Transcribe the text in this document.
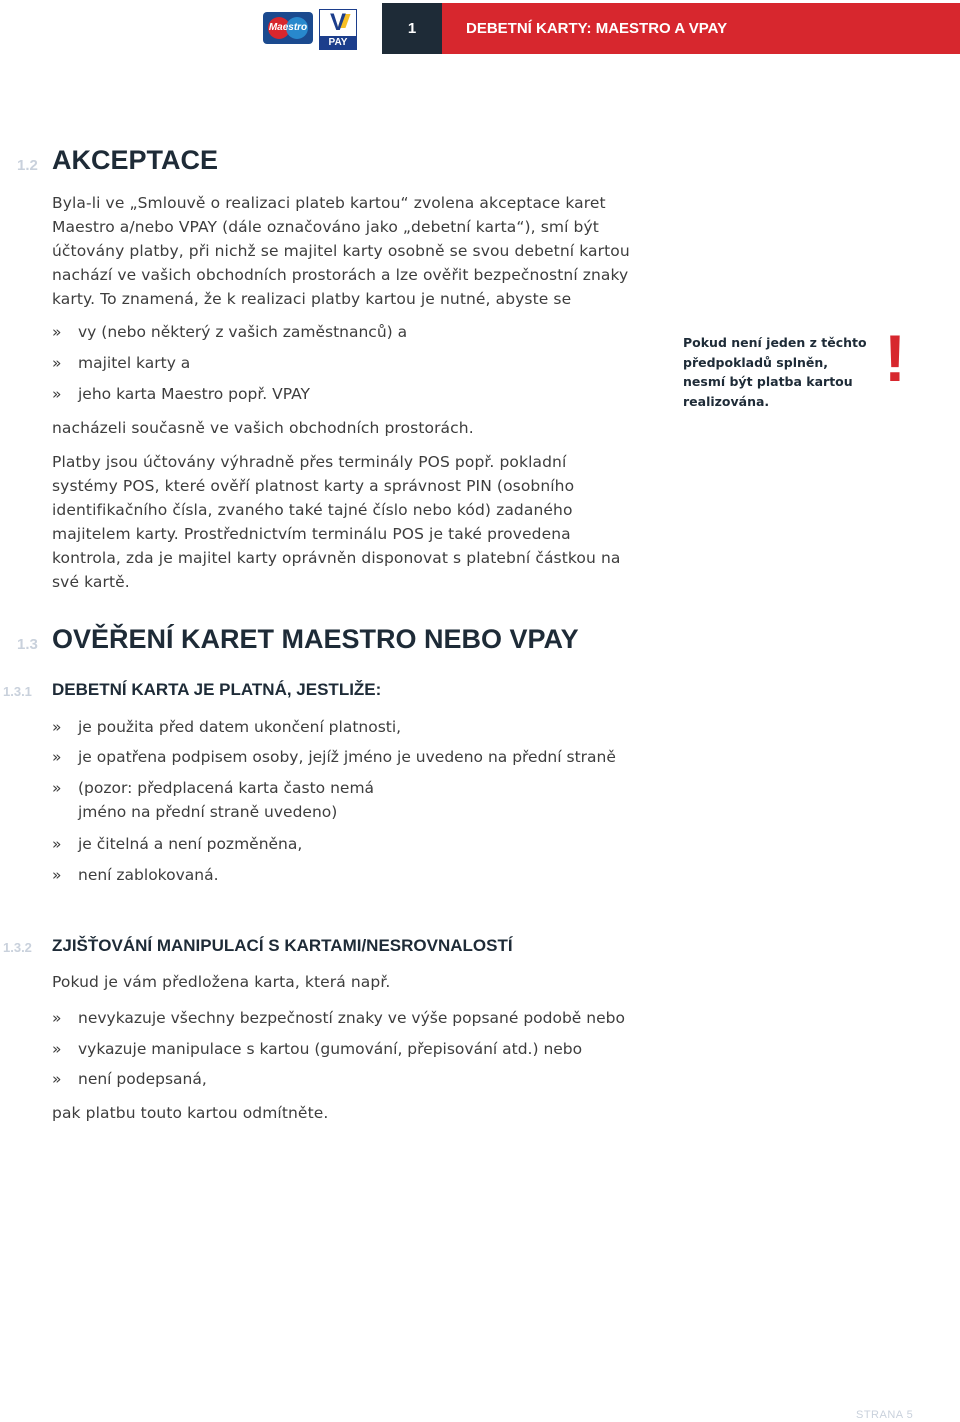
Maestro V
PAY
1	DEBETNÍ KARTY: MAESTRO A VPAY
1.2 AKCEPTACE

Byla-li ve „Smlouvě o realizaci plateb kartou“ zvolena akceptace karet Maestro a/nebo VPAY (dále označováno jako „debetní karta“), smí být účtovány platby, při nichž se majitel karty osobně se svou debetní kartou nachází ve vašich obchodních prostorách a lze ověřit bezpečnostní znaky karty. To znamená, že k realizaci platby kartou je nutné, abyste se

» vy (nebo některý z vašich zaměstnanců) a
» majitel karty a
» jeho karta Maestro popř. VPAY

nacházeli současně ve vašich obchodních prostorách.

Platby jsou účtovány výhradně přes terminály POS popř. pokladní systémy POS, které ověří platnost karty a správnost PIN (osobního identifikačního čísla, zvaného také tajné číslo nebo kód) zadaného majitelem karty. Prostřednictvím terminálu POS je také provedena kontrola, zda je majitel karty oprávněn disponovat s platební částkou na své kartě.

Pokud není jeden z těchto předpokladů splněn, nesmí být platba kartou realizována.
!
1.3 OVĚŘENÍ KARET MAESTRO NEBO VPAY
1.3.1 DEBETNÍ KARTA JE PLATNÁ, JESTLIŽE:
» je použita před datem ukončení platnosti,
» je opatřena podpisem osoby, jejíž jméno je uvedeno na přední straně
» (pozor: předplacená karta často nemá
jméno na přední straně uvedeno)
» je čitelná a není pozměněna,
» není zablokovaná.
1.3.2 ZJIŠŤOVÁNÍ MANIPULACÍ S KARTAMI/NESROVNALOSTÍ

Pokud je vám předložena karta, která např.

» nevykazuje všechny bezpečností znaky ve výše popsané podobě nebo
» vykazuje manipulace s kartou (gumování, přepisování atd.) nebo
» není podepsaná,

pak platbu touto kartou odmítněte.

STRANA 5
